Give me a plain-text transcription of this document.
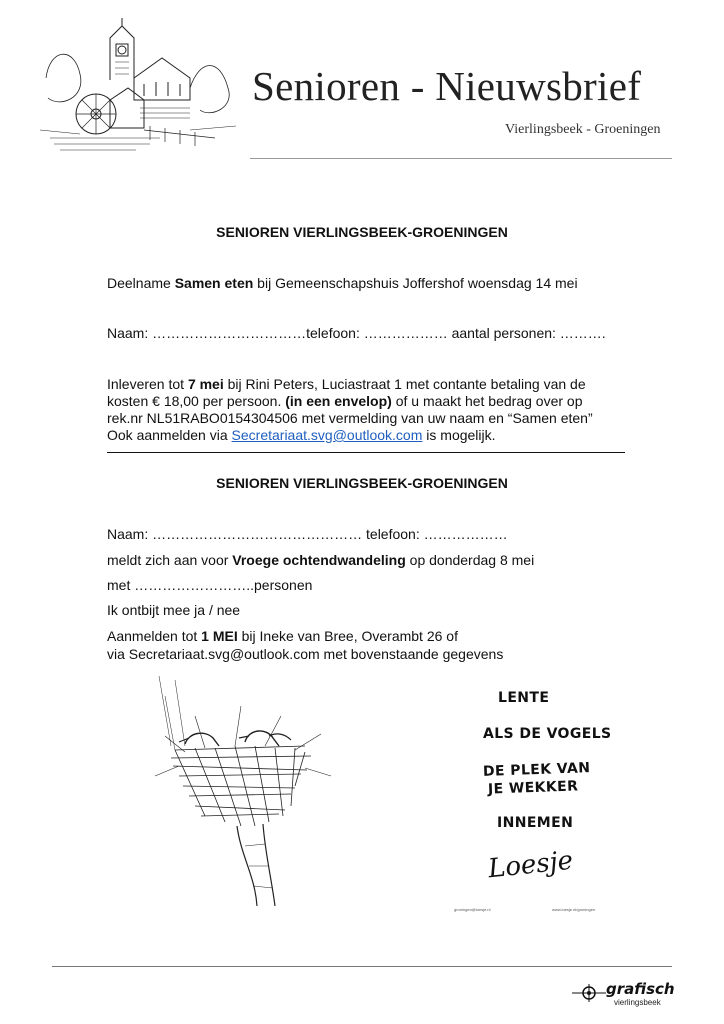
Senioren - Nieuwsbrief
Vierlingsbeek - Groeningen
SENIOREN VIERLINGSBEEK-GROENINGEN
Deelname Samen eten bij Gemeenschapshuis Joffershof woensdag 14 mei
Naam: ……………………………telefoon: ……………… aantal personen: ……….
Inleveren tot 7 mei bij Rini Peters, Luciastraat 1 met contante betaling van de
kosten € 18,00 per persoon. (in een envelop) of u maakt het bedrag over op
rek.nr NL51RABO0154304506 met vermelding van uw naam en “Samen eten”
Ook aanmelden via Secretariaat.svg@outlook.com is mogelijk.
SENIOREN VIERLINGSBEEK-GROENINGEN
Naam: ……………………………………… telefoon: ………………
meldt zich aan voor Vroege ochtendwandeling op donderdag 8 mei
met ……………………..personen
Ik ontbijt mee ja / nee
Aanmelden tot 1 MEI bij Ineke van Bree, Overambt 26 of
via Secretariaat.svg@outlook.com met bovenstaande gegevens
LENTE
ALS DE VOGELS
DE PLEK VAN
JE WEKKER
INNEMEN
Loesje
groningen@loesje.nl	www.loesje.nl/groningen
grafisch
vierlingsbeek
